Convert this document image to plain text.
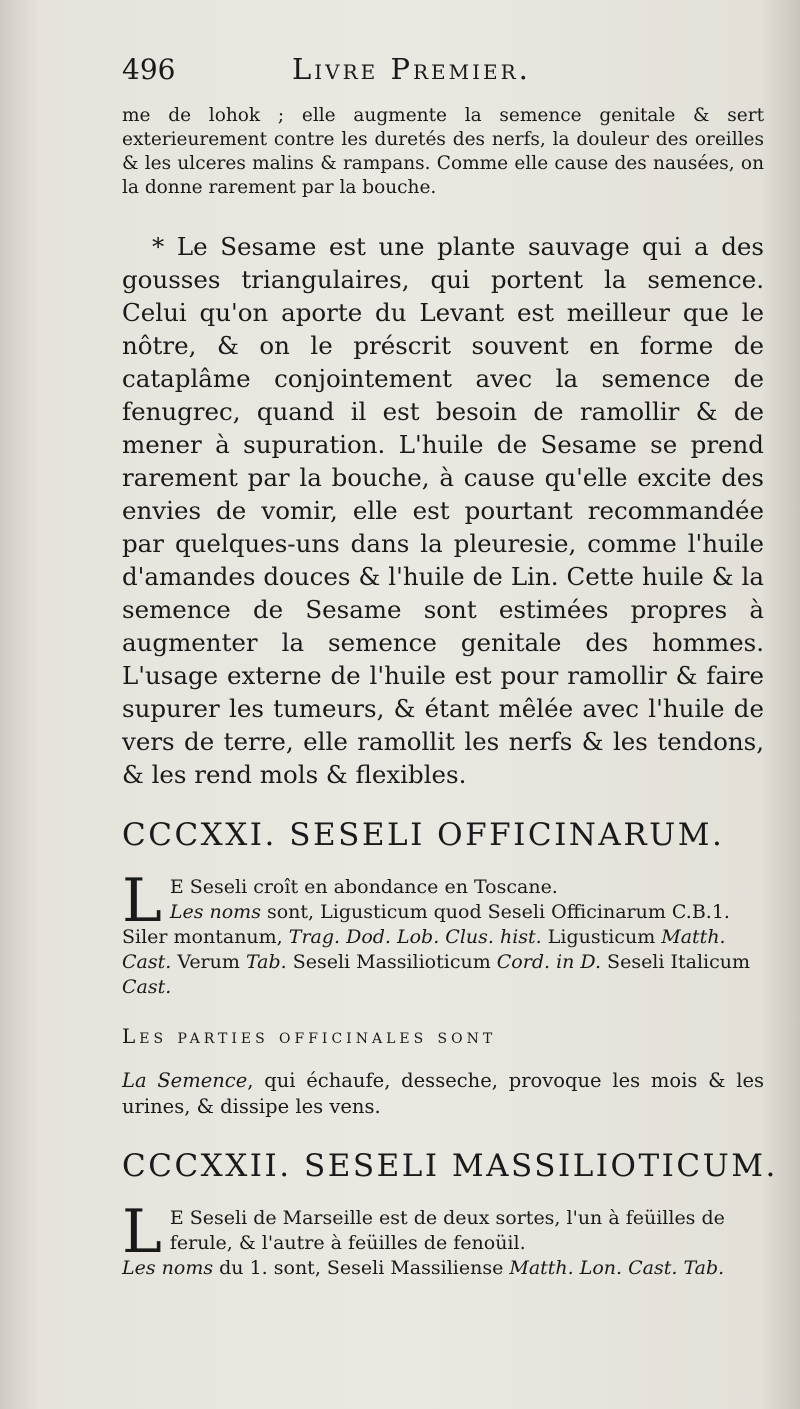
496	Livre Premier.

me de lohok ; elle augmente la semence genitale & sert exterieurement contre les duretés des nerfs, la douleur des oreilles & les ulceres malins & rampans. Comme elle cause des nausées, on la donne rarement par la bouche.

* Le Sesame est une plante sauvage qui a des gousses triangulaires, qui portent la semence. Celui qu'on aporte du Levant est meilleur que le nôtre, & on le préscrit souvent en forme de cataplâme conjointement avec la semence de fenugrec, quand il est besoin de ramollir & de mener à supuration. L'huile de Sesame se prend rarement par la bouche, à cause qu'elle excite des envies de vomir, elle est pourtant recommandée par quelques-uns dans la pleuresie, comme l'huile d'amandes douces & l'huile de Lin. Cette huile & la semence de Sesame sont estimées propres à augmenter la semence genitale des hommes. L'usage externe de l'huile est pour ramollir & faire supurer les tumeurs, & étant mêlée avec l'huile de vers de terre, elle ramollit les nerfs & les tendons, & les rend mols & flexibles.

CCCXXI. SESELI OFFICINARUM.
L E Seseli croît en abondance en Toscane.
Les noms sont, Ligusticum quod Seseli Officinarum C.B.1. Siler montanum, Trag. Dod. Lob. Clus. hist. Ligusticum Matth. Cast. Verum Tab. Seseli Massilioticum Cord. in D. Seseli Italicum Cast.
Les parties officinales sont

La Semence, qui échaufe, desseche, provoque les mois & les urines, & dissipe les vens.

CCCXXII. SESELI MASSILIOTICUM.
L E Seseli de Marseille est de deux sortes, l'un à feüilles de ferule, & l'autre à feüilles de fenoüil.
Les noms du 1. sont, Seseli Massiliense Matth. Lon. Cast. Tab.
